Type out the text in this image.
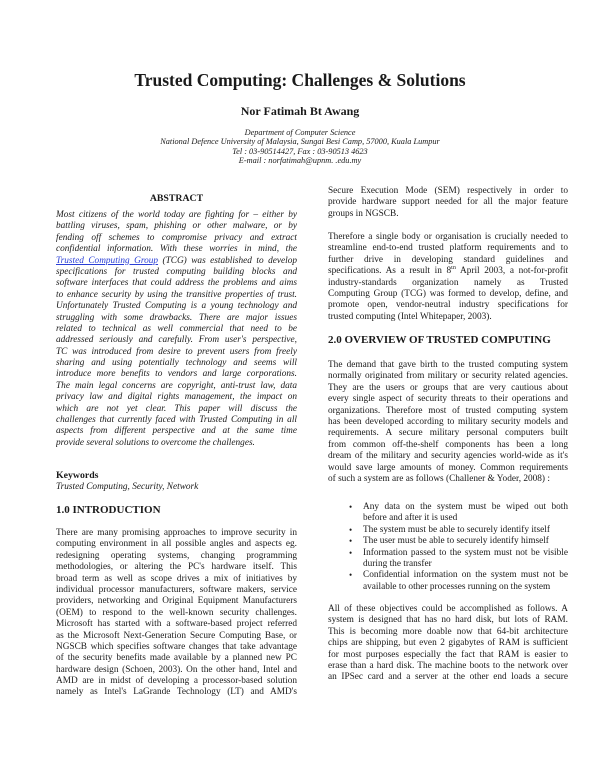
Trusted Computing: Challenges & Solutions
Nor Fatimah Bt Awang
Department of Computer Science
National Defence University of Malaysia, Sungai Besi Camp, 57000, Kuala Lumpur
Tel : 03-90514427, Fax : 03-90513 4623
E-mail : norfatimah@upnm. .edu.my
ABSTRACT
Most citizens of the world today are fighting for – either by
battling viruses, spam, phishing or other malware, or by
fending off schemes to compromise privacy and extract
confidential information. With these worries in mind, the
Trusted Computing Group (TCG) was established to develop
specifications for trusted computing building blocks and
software interfaces that could address the problems and aims
to enhance security by using the transitive properties of trust.
Unfortunately Trusted Computing is a young technology and
struggling with some drawbacks. There are major issues
related to technical as well commercial that need to be
addressed seriously and carefully. From user's perspective,
TC was introduced from desire to prevent users from freely
sharing and using potentially technology and seems will
introduce more benefits to vendors and large corporations.
The main legal concerns are copyright, anti-trust law, data
privacy law and digital rights management, the impact on
which are not yet clear. This paper will discuss the
challenges that currently faced with Trusted Computing in all
aspects from different perspective and at the same time
provide several solutions to overcome the challenges.
Keywords
Trusted Computing, Security, Network
1.0 INTRODUCTION
There are many promising approaches to improve security in
computing environment in all possible angles and aspects eg.
redesigning operating systems, changing programming
methodologies, or altering the PC's hardware itself. This
broad term as well as scope drives a mix of initiatives by
individual processor manufacturers, software makers, service
providers, networking and Original Equipment Manufacturers
(OEM) to respond to the well-known security challenges.
Microsoft has started with a software-based project referred
as the Microsoft Next-Generation Secure Computing Base, or
NGSCB which specifies software changes that take advantage
of the security benefits made available by a planned new PC
hardware design (Schoen, 2003). On the other hand, Intel and
AMD are in midst of developing a processor-based solution
namely as Intel's LaGrande Technology (LT) and AMD's
Secure Execution Mode (SEM) respectively in order to
provide hardware support needed for all the major feature
groups in NGSCB.
Therefore a single body or organisation is crucially needed to
streamline end-to-end trusted platform requirements and to
further drive in developing standard guidelines and
specifications. As a result in 8th April 2003, a not-for-profit
industry-standards organization namely as Trusted
Computing Group (TCG) was formed to develop, define, and
promote open, vendor-neutral industry specifications for
trusted computing (Intel Whitepaper, 2003).
2.0 OVERVIEW OF TRUSTED COMPUTING
The demand that gave birth to the trusted computing system
normally originated from military or security related agencies.
They are the users or groups that are very cautious about
every single aspect of security threats to their operations and
organizations. Therefore most of trusted computing system
has been developed according to military security models and
requirements. A secure military personal computers built
from common off-the-shelf components has been a long
dream of the military and security agencies world-wide as it's
would save large amounts of money. Common requirements
of such a system are as follows (Challener & Yoder, 2008) :
• Any data on the system must be wiped out both
before and after it is used
• The system must be able to securely identify itself
• The user must be able to securely identify himself
• Information passed to the system must not be visible
during the transfer
• Confidential information on the system must not be
available to other processes running on the system
All of these objectives could be accomplished as follows. A
system is designed that has no hard disk, but lots of RAM.
This is becoming more doable now that 64-bit architecture
chips are shipping, but even 2 gigabytes of RAM is sufficient
for most purposes especially the fact that RAM is easier to
erase than a hard disk. The machine boots to the network over
an IPSec card and a server at the other end loads a secure
